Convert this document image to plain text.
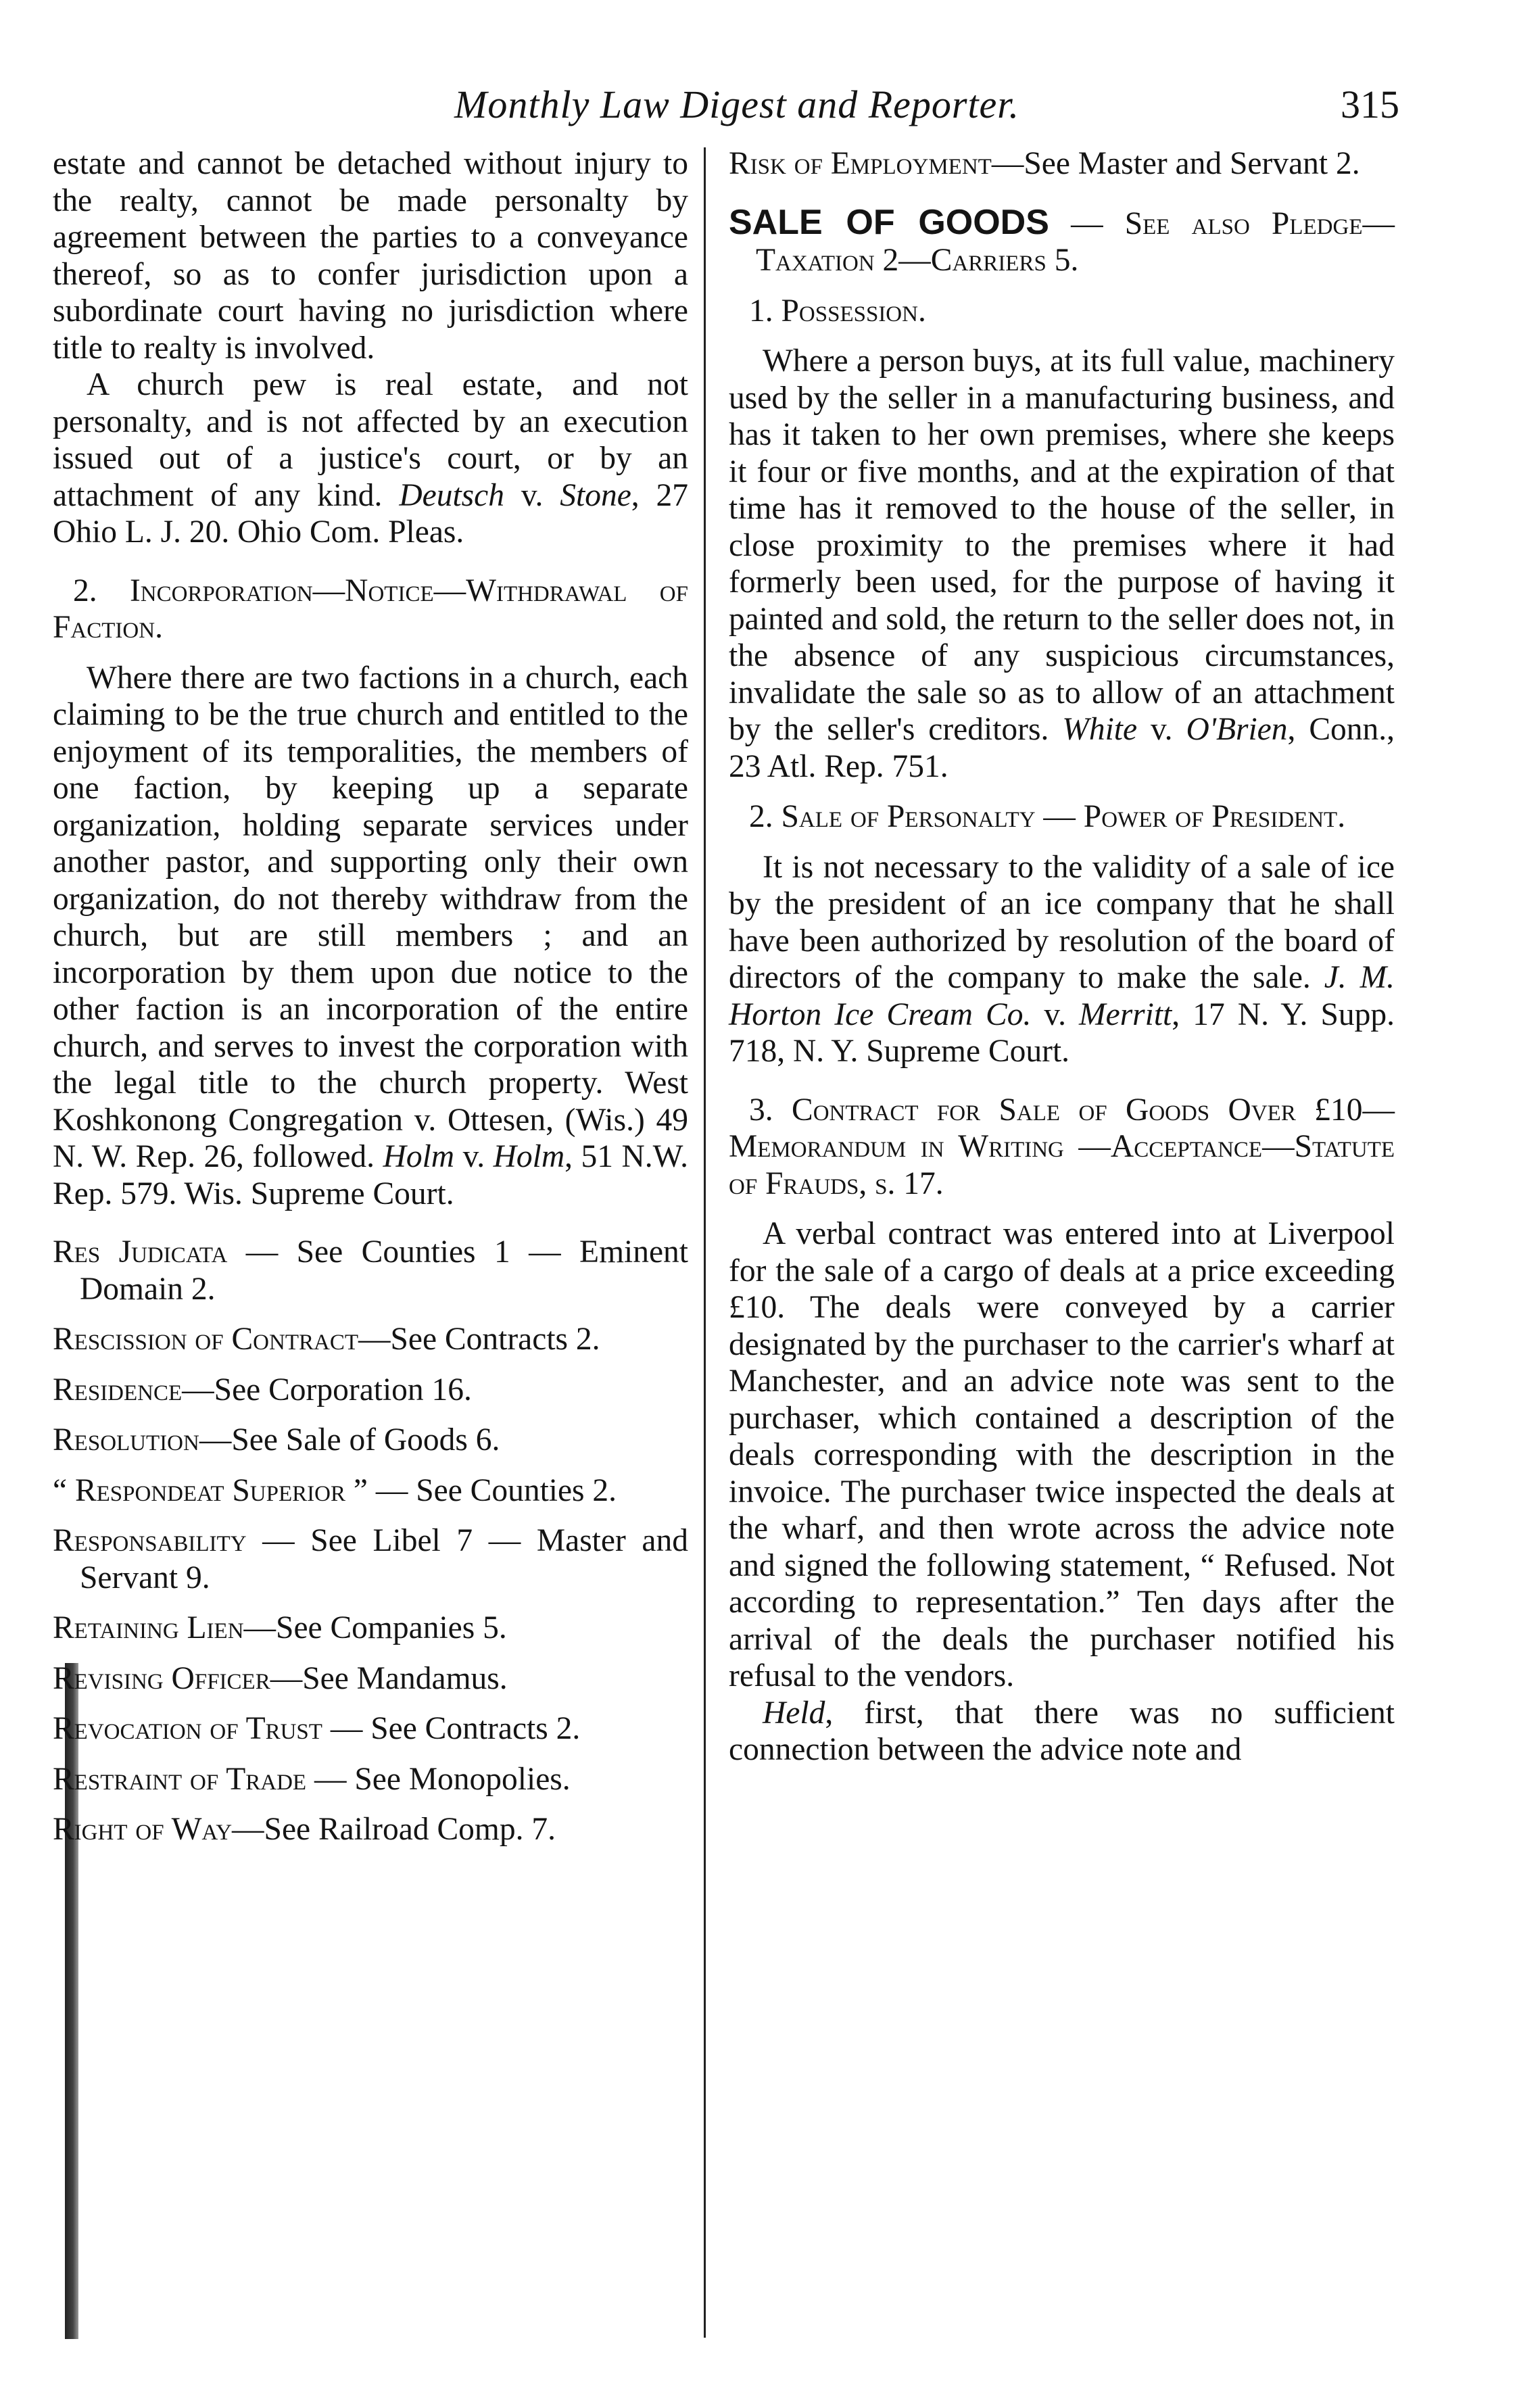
Monthly Law Digest and Reporter.	315

estate and cannot be detached without injury to the realty, cannot be made personalty by agreement between the parties to a conveyance thereof, so as to confer jurisdiction upon a subordinate court having no jurisdiction where title to realty is involved.

A church pew is real estate, and not personalty, and is not affected by an execution issued out of a justice's court, or by an attachment of any kind. Deutsch v. Stone, 27 Ohio L. J. 20. Ohio Com. Pleas.

2. Incorporation—Notice—Withdrawal of Faction.

Where there are two factions in a church, each claiming to be the true church and entitled to the enjoyment of its temporalities, the members of one faction, by keeping up a separate organization, holding separate services under another pastor, and supporting only their own organization, do not thereby withdraw from the church, but are still members ; and an incorporation by them upon due notice to the other faction is an incorporation of the entire church, and serves to invest the corporation with the legal title to the church property. West Koshkonong Congregation v. Ottesen, (Wis.) 49 N. W. Rep. 26, followed. Holm v. Holm, 51 N.W. Rep. 579. Wis. Supreme Court.

Res Judicata — See Counties 1 — Eminent Domain 2.

Rescission of Contract—See Contracts 2.

Residence—See Corporation 16.

Resolution—See Sale of Goods 6.

“ Respondeat Superior ” — See Counties 2.

Responsability — See Libel 7 — Master and Servant 9.

Retaining Lien—See Companies 5.

Revising Officer—See Mandamus.

Revocation of Trust — See Contracts 2.

Restraint of Trade — See Monopolies.

Right of Way—See Railroad Comp. 7.

Risk of Employment—See Master and Servant 2.

SALE OF GOODS — See also Pledge—Taxation 2—Carriers 5.

1. Possession.

Where a person buys, at its full value, machinery used by the seller in a manufacturing business, and has it taken to her own premises, where she keeps it four or five months, and at the expiration of that time has it removed to the house of the seller, in close proximity to the premises where it had formerly been used, for the purpose of having it painted and sold, the return to the seller does not, in the absence of any suspicious circumstances, invalidate the sale so as to allow of an attachment by the seller's creditors. White v. O'Brien, Conn., 23 Atl. Rep. 751.

2. Sale of Personalty — Power of President.

It is not necessary to the validity of a sale of ice by the president of an ice company that he shall have been authorized by resolution of the board of directors of the company to make the sale. J. M. Horton Ice Cream Co. v. Merritt, 17 N. Y. Supp. 718, N. Y. Supreme Court.

3. Contract for Sale of Goods Over £10—Memorandum in Writing —Acceptance—Statute of Frauds, s. 17.

A verbal contract was entered into at Liverpool for the sale of a cargo of deals at a price exceeding £10. The deals were conveyed by a carrier designated by the purchaser to the carrier's wharf at Manchester, and an advice note was sent to the purchaser, which contained a description of the deals corresponding with the description in the invoice. The purchaser twice inspected the deals at the wharf, and then wrote across the advice note and signed the following statement, “ Refused. Not according to representation.” Ten days after the arrival of the deals the purchaser notified his refusal to the vendors.

Held, first, that there was no sufficient connection between the advice note and
